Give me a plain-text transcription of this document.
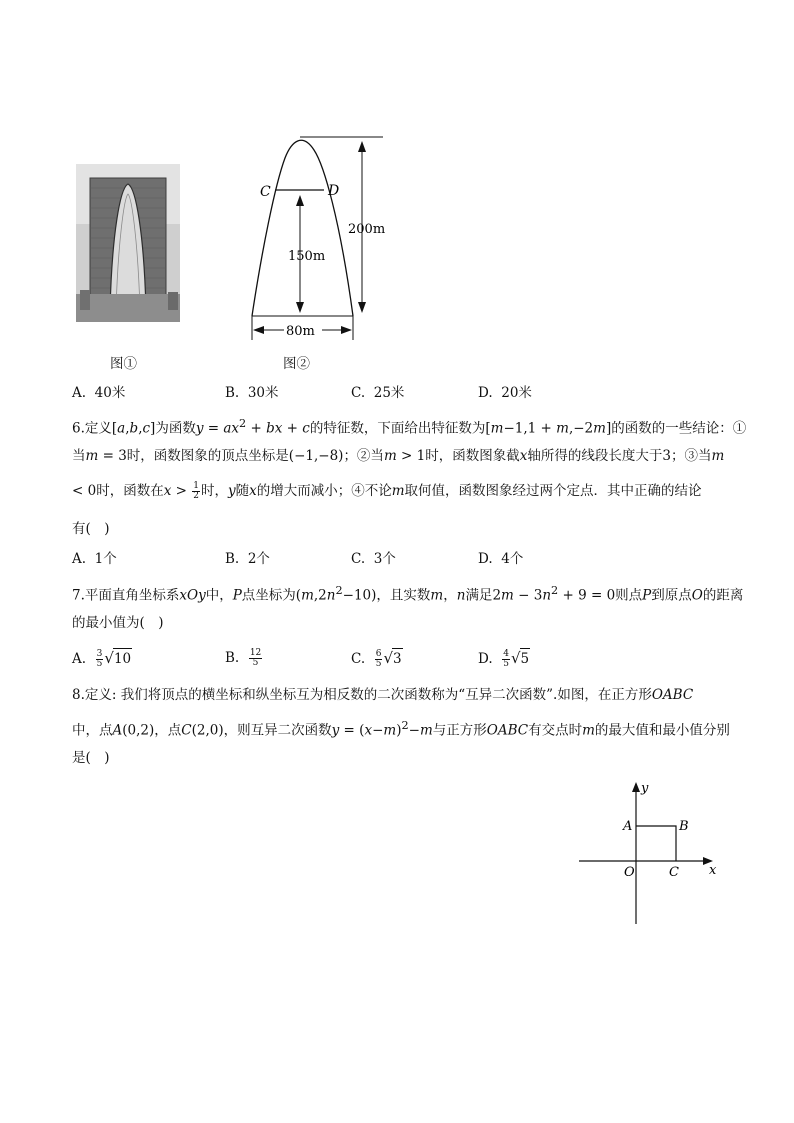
图①
C	D
200m
150m
80m
图②
A. 40米	B. 30米	C. 25米	D. 20米
6.定义[a,b,c]为函数$y = ax^2$ + bx + c的特征数，下面给出特征数为[m−1,1 + m,−2m]的函数的一些结论：①
当m = 3时，函数图象的顶点坐标是(−1,−8)；②当m > 1时，函数图象截x轴所得的线段长度大于3；③当m
< 0时，函数在$x > \frac{1}{2}$ 时，y随x的增大而减小；④不论m取何值，函数图象经过两个定点．其中正确的结论
有(　)
A. 1个	B. 2个	C. 3个	D. 4个
7.平面直角坐标系xOy中，P点坐标为$(m,2n^2-10)$，且实数m，n满足$2m - 3n^2 + 9 = 0$则点P到原点O的距离
的最小值为(　)
A. $\frac{3}{5} √10$	B. $\frac{12}{5}$	C. $\frac{6}{5} √3$	D. $\frac{4}{5} √5$
8.定义: 我们将顶点的横坐标和纵坐标互为相反数的二次函数称为“互异二次函数”.如图，在正方形OABC
中，点A(0,2)，点C(2,0)，则互异二次函数$y = (x-m)^2-m$与正方形OABC有交点时m的最大值和最小值分别
是(　)
y
x
A	B
O	C
